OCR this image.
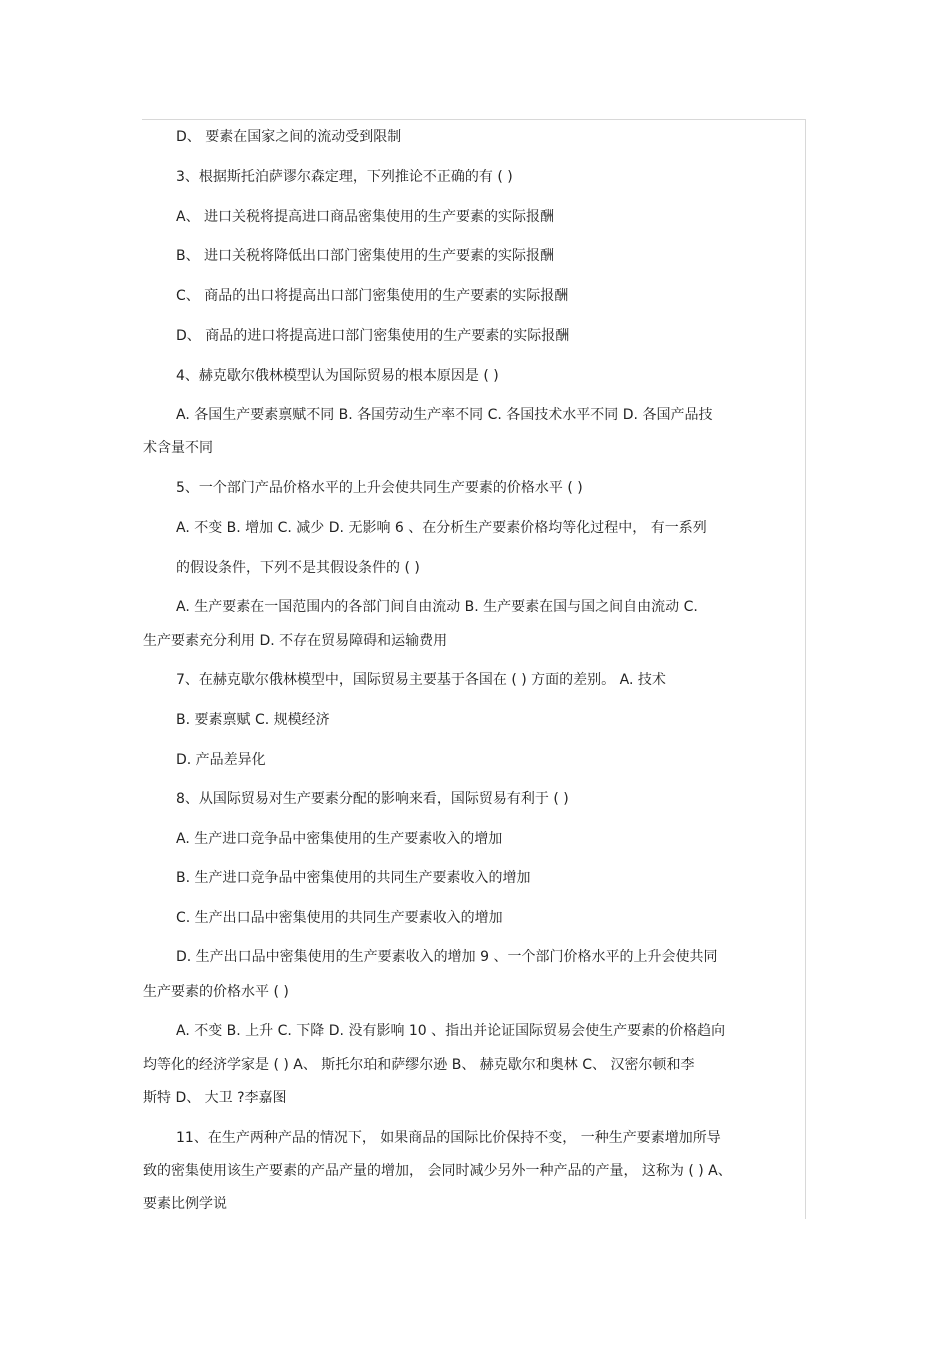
D、 要素在国家之间的流动受到限制
3、根据斯托泊萨谬尔森定理，下列推论不正确的有 ( )
A、 进口关税将提高进口商品密集使用的生产要素的实际报酬
B、 进口关税将降低出口部门密集使用的生产要素的实际报酬
C、 商品的出口将提高出口部门密集使用的生产要素的实际报酬
D、 商品的进口将提高进口部门密集使用的生产要素的实际报酬
4、赫克歇尔俄林模型认为国际贸易的根本原因是 ( )
A. 各国生产要素禀赋不同 B. 各国劳动生产率不同 C. 各国技术水平不同 D. 各国产品技
术含量不同
5、一个部门产品价格水平的上升会使共同生产要素的价格水平 ( )
A. 不变 B. 增加 C. 减少 D. 无影响 6 、在分析生产要素价格均等化过程中， 有一系列
的假设条件，下列不是其假设条件的 ( )
A. 生产要素在一国范围内的各部门间自由流动 B. 生产要素在国与国之间自由流动 C.
生产要素充分利用 D. 不存在贸易障碍和运输费用
7、在赫克歇尔俄林模型中，国际贸易主要基于各国在 ( ) 方面的差别。 A. 技术
B. 要素禀赋 C. 规模经济
D. 产品差异化
8、从国际贸易对生产要素分配的影响来看，国际贸易有利于 ( )
A. 生产进口竞争品中密集使用的生产要素收入的增加
B. 生产进口竞争品中密集使用的共同生产要素收入的增加
C. 生产出口品中密集使用的共同生产要素收入的增加
D. 生产出口品中密集使用的生产要素收入的增加 9 、一个部门价格水平的上升会使共同
生产要素的价格水平 ( )
A. 不变 B. 上升 C. 下降 D. 没有影响 10 、指出并论证国际贸易会使生产要素的价格趋向
均等化的经济学家是 ( ) A、 斯托尔珀和萨缪尔逊 B、 赫克歇尔和奥林 C、 汉密尔顿和李
斯特 D、 大卫 ?李嘉图
11、在生产两种产品的情况下， 如果商品的国际比价保持不变， 一种生产要素增加所导
致的密集使用该生产要素的产品产量的增加， 会同时减少另外一种产品的产量， 这称为 ( ) A、
要素比例学说
